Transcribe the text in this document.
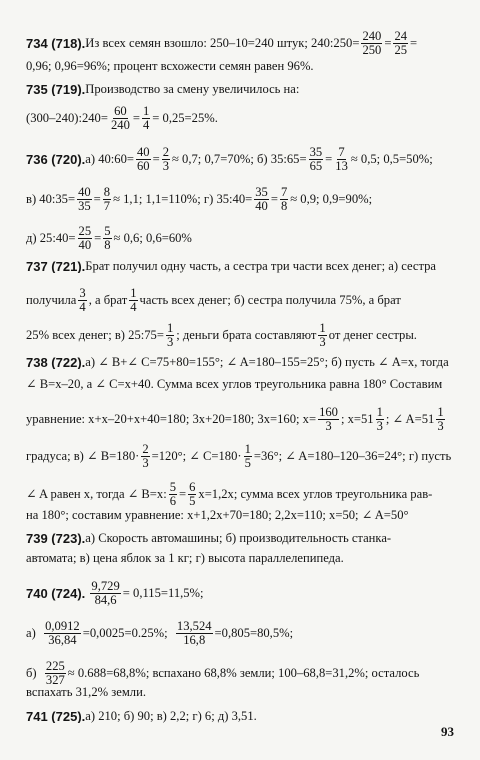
734 (718). Из всех семян взошло: 250–10=240 штук; 240:250= $\frac{240}{250} = \frac{24}{25}$ =
0,96; 0,96=96%; процент всхожести семян равен 96%.
735 (719). Производство за смену увеличилось на:
(300–240):240= $\frac{60}{240} = \frac{1}{4} = 0,25=25\%$.
736 (720). а) 40:60= $\frac{40}{60} = \frac{2}{3} \approx 0,7$; 0,7=70%; б) 35:65= $\frac{35}{65} = \frac{7}{13} \approx 0,5$; 0,5=50%;
в) 40:35= $\frac{40}{35} = \frac{8}{7} \approx 1,1$; 1,1=110%; г) 35:40= $\frac{35}{40} = \frac{7}{8} \approx 0,9$; 0,9=90%;
д) 25:40= $\frac{25}{40} = \frac{5}{8} \approx 0,6$; 0,6=60%
737 (721). Брат получил одну часть, а сестра три части всех денег; а) сестра
получила
3
4 , а брат
1
4 часть всех денег; б) сестра получила 75%, а брат
25% всех денег; в) 25:75= $\frac{1}{3}$ ; деньги брата составляют
1
3 от денег сестры.
738 (722). а) ∠ B+∠ C=75+80=155°; ∠ A=180–155=25°; б) пусть ∠ A=x, тогда
∠ B=x–20, а ∠ C=x+40. Сумма всех углов треугольника равна 180° Составим
уравнение: x+x–20+x+40=180; 3x+20=180; 3x=160; $x= \frac{160}{3}$ ; x=51
1
3 ; ∠ A=51
1
3
градуса; в) ∠ $B=180\cdot \frac{2}{3} =120^\circ$; ∠ $C=180\cdot \frac{1}{5} =36^\circ$; ∠ A=180–120–36=24°; г) пусть
∠ A равен x, тогда ∠ B=x: $\frac{5}{6} = \frac{6}{5} x=1,2x$; сумма всех углов треугольника рав-
на 180°; составим уравнение: x+1,2x+70=180; 2,2x=110; x=50; ∠ A=50°
739 (723). а) Скорость автомашины; б) производительность станка-
автомата; в) цена яблок за 1 кг; г) высота параллелепипеда.
740 (724).
$\frac{9,729}{84,6} = 0,115=11,5\%$;
а)
$\frac{0,0912}{36,84} =0,0025=0.25\%$;
$\frac{13,524}{16,8} =0,805=80,5\%$;
б)
$\frac{225}{327} \approx 0.688=68,8\%$; вспахано 68,8% земли; 100–68,8=31,2%; осталось
вспахать 31,2% земли.
741 (725). а) 210; б) 90; в) 2,2; г) 6; д) 3,51.
93
